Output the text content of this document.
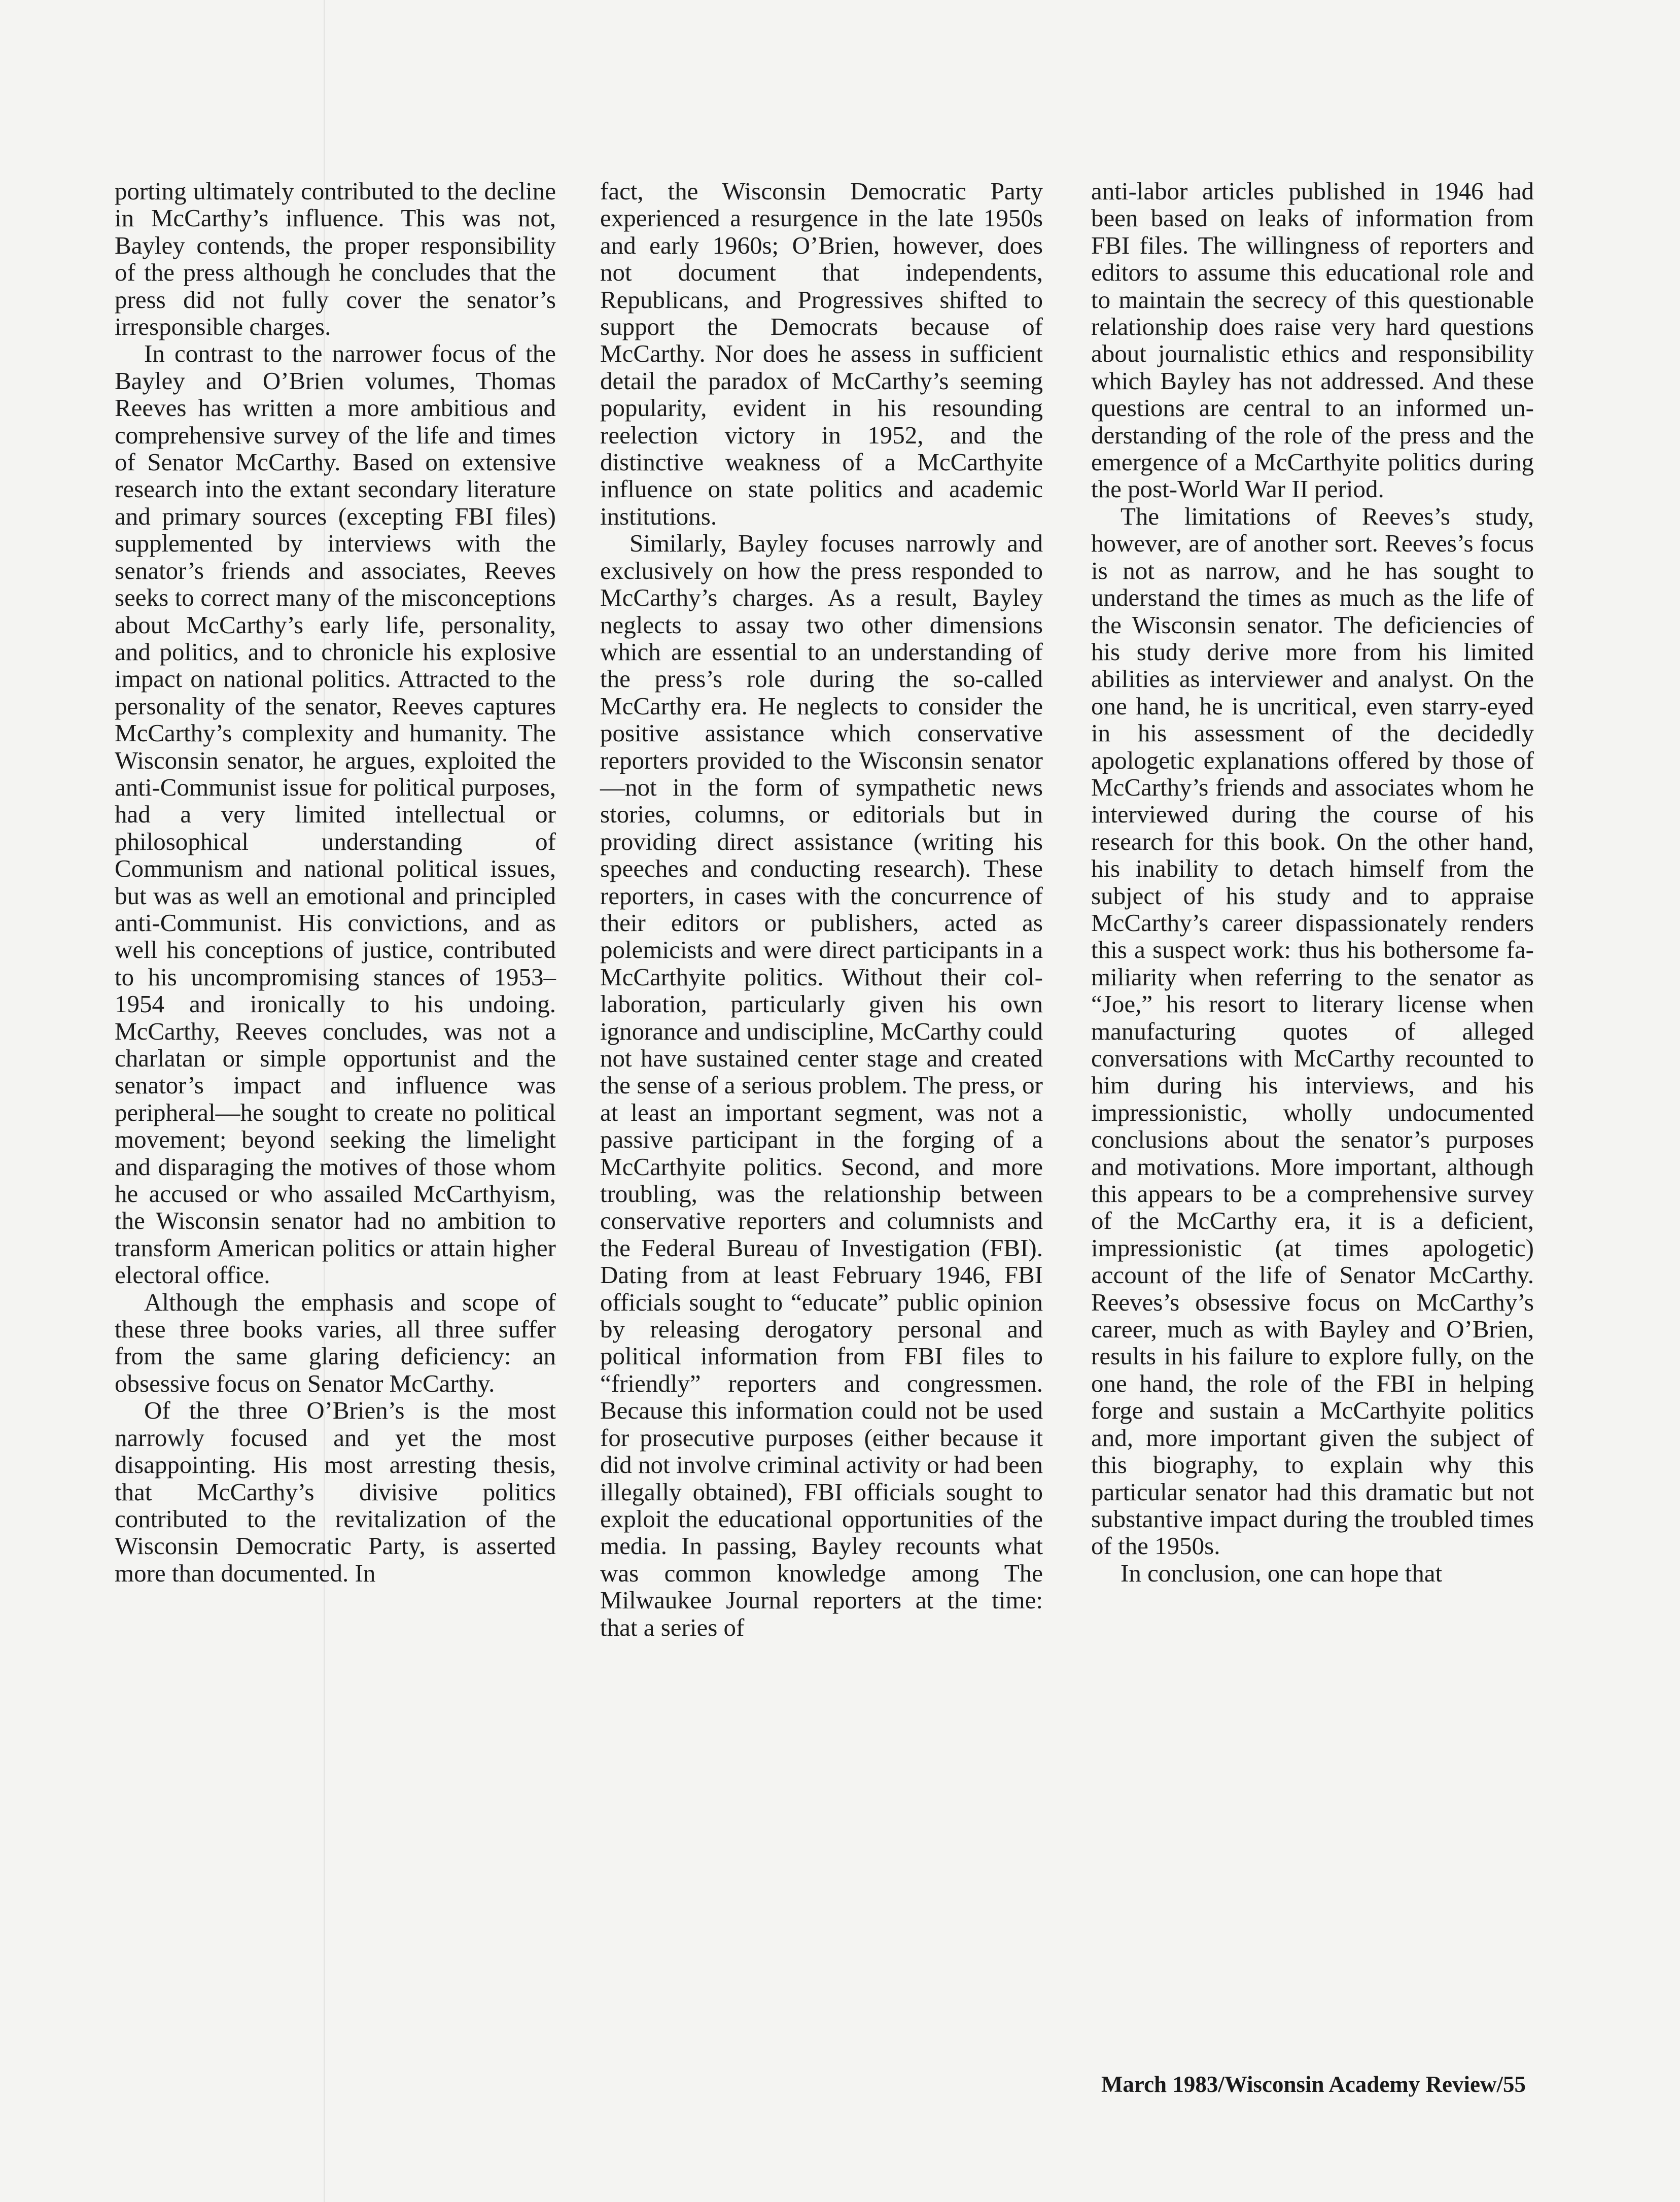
porting ultimately contributed to the decline in McCarthy’s influence. This was not, Bayley contends, the proper responsibility of the press although he concludes that the press did not fully cover the senator’s irresponsible charges.

In contrast to the narrower focus of the Bayley and O’Brien volumes, Thomas Reeves has written a more ambitious and comprehensive survey of the life and times of Senator McCarthy. Based on extensive research into the extant secondary literature and primary sources (excepting FBI files) supplemented by interviews with the senator’s friends and associates, Reeves seeks to correct many of the misconceptions about McCarthy’s early life, personality, and politics, and to chronicle his explosive impact on national politics. Attracted to the personality of the senator, Reeves captures McCarthy’s complexity and humanity. The Wisconsin senator, he argues, exploited the anti-Communist issue for political purposes, had a very limited intellectual or philosophical understanding of Communism and national political issues, but was as well an emotional and principled anti-Communist. His convictions, and as well his conceptions of justice, contributed to his uncompromising stances of 1953–1954 and ironically to his undoing. McCarthy, Reeves concludes, was not a charlatan or simple opportunist and the senator’s impact and influence was peripheral—he sought to create no political movement; beyond seeking the limelight and disparaging the motives of those whom he accused or who assailed McCarthyism, the Wisconsin senator had no ambition to transform American politics or attain higher electoral office.

Although the emphasis and scope of these three books varies, all three suffer from the same glaring deficiency: an obsessive focus on Senator McCarthy.

Of the three O’Brien’s is the most narrowly focused and yet the most disappointing. His most arresting thesis, that McCarthy’s divisive politics contributed to the revitalization of the Wisconsin Democratic Party, is asserted more than documented. In

fact, the Wisconsin Democratic Party experienced a resurgence in the late 1950s and early 1960s; O’Brien, however, does not document that independents, Republicans, and Progressives shifted to support the Democrats because of McCarthy. Nor does he assess in sufficient detail the paradox of McCarthy’s seeming popularity, evident in his resounding reelection victory in 1952, and the distinctive weakness of a McCarthyite influence on state politics and academic institutions.

Similarly, Bayley focuses narrowly and exclusively on how the press responded to McCarthy’s charges. As a result, Bayley neglects to assay two other dimensions which are essential to an understanding of the press’s role during the so-called McCarthy era. He neglects to consider the positive assistance which conservative reporters provided to the Wisconsin senator—not in the form of sympathetic news stories, columns, or editorials but in providing direct assistance (writing his speeches and conducting research). These reporters, in cases with the concurrence of their editors or publishers, acted as polemicists and were direct participants in a McCarthyite politics. Without their collaboration, particularly given his own ignorance and undiscipline, McCarthy could not have sustained center stage and created the sense of a serious problem. The press, or at least an important segment, was not a passive participant in the forging of a McCarthyite politics. Second, and more troubling, was the relationship between conservative reporters and columnists and the Federal Bureau of Investigation (FBI). Dating from at least February 1946, FBI officials sought to “educate” public opinion by releasing derogatory personal and political information from FBI files to “friendly” reporters and congressmen. Because this information could not be used for prosecutive purposes (either because it did not involve criminal activity or had been illegally obtained), FBI officials sought to exploit the educational opportunities of the media. In passing, Bayley recounts what was common knowledge among The Milwaukee Journal reporters at the time: that a series of

anti-labor articles published in 1946 had been based on leaks of information from FBI files. The willingness of reporters and editors to assume this educational role and to maintain the secrecy of this questionable relationship does raise very hard questions about journalistic ethics and responsibility which Bayley has not addressed. And these questions are central to an informed understanding of the role of the press and the emergence of a McCarthyite politics during the post-World War II period.

The limitations of Reeves’s study, however, are of another sort. Reeves’s focus is not as narrow, and he has sought to understand the times as much as the life of the Wisconsin senator. The deficiencies of his study derive more from his limited abilities as interviewer and analyst. On the one hand, he is uncritical, even starry-eyed in his assessment of the decidedly apologetic explanations offered by those of McCarthy’s friends and associates whom he interviewed during the course of his research for this book. On the other hand, his inability to detach himself from the subject of his study and to appraise McCarthy’s career dispassionately renders this a suspect work: thus his bothersome familiarity when referring to the senator as “Joe,” his resort to literary license when manufacturing quotes of alleged conversations with McCarthy recounted to him during his interviews, and his impressionistic, wholly undocumented conclusions about the senator’s purposes and motivations. More important, although this appears to be a comprehensive survey of the McCarthy era, it is a deficient, impressionistic (at times apologetic) account of the life of Senator McCarthy. Reeves’s obsessive focus on McCarthy’s career, much as with Bayley and O’Brien, results in his failure to explore fully, on the one hand, the role of the FBI in helping forge and sustain a McCarthyite politics and, more important given the subject of this biography, to explain why this particular senator had this dramatic but not substantive impact during the troubled times of the 1950s.

In conclusion, one can hope that

March 1983/Wisconsin Academy Review/55
